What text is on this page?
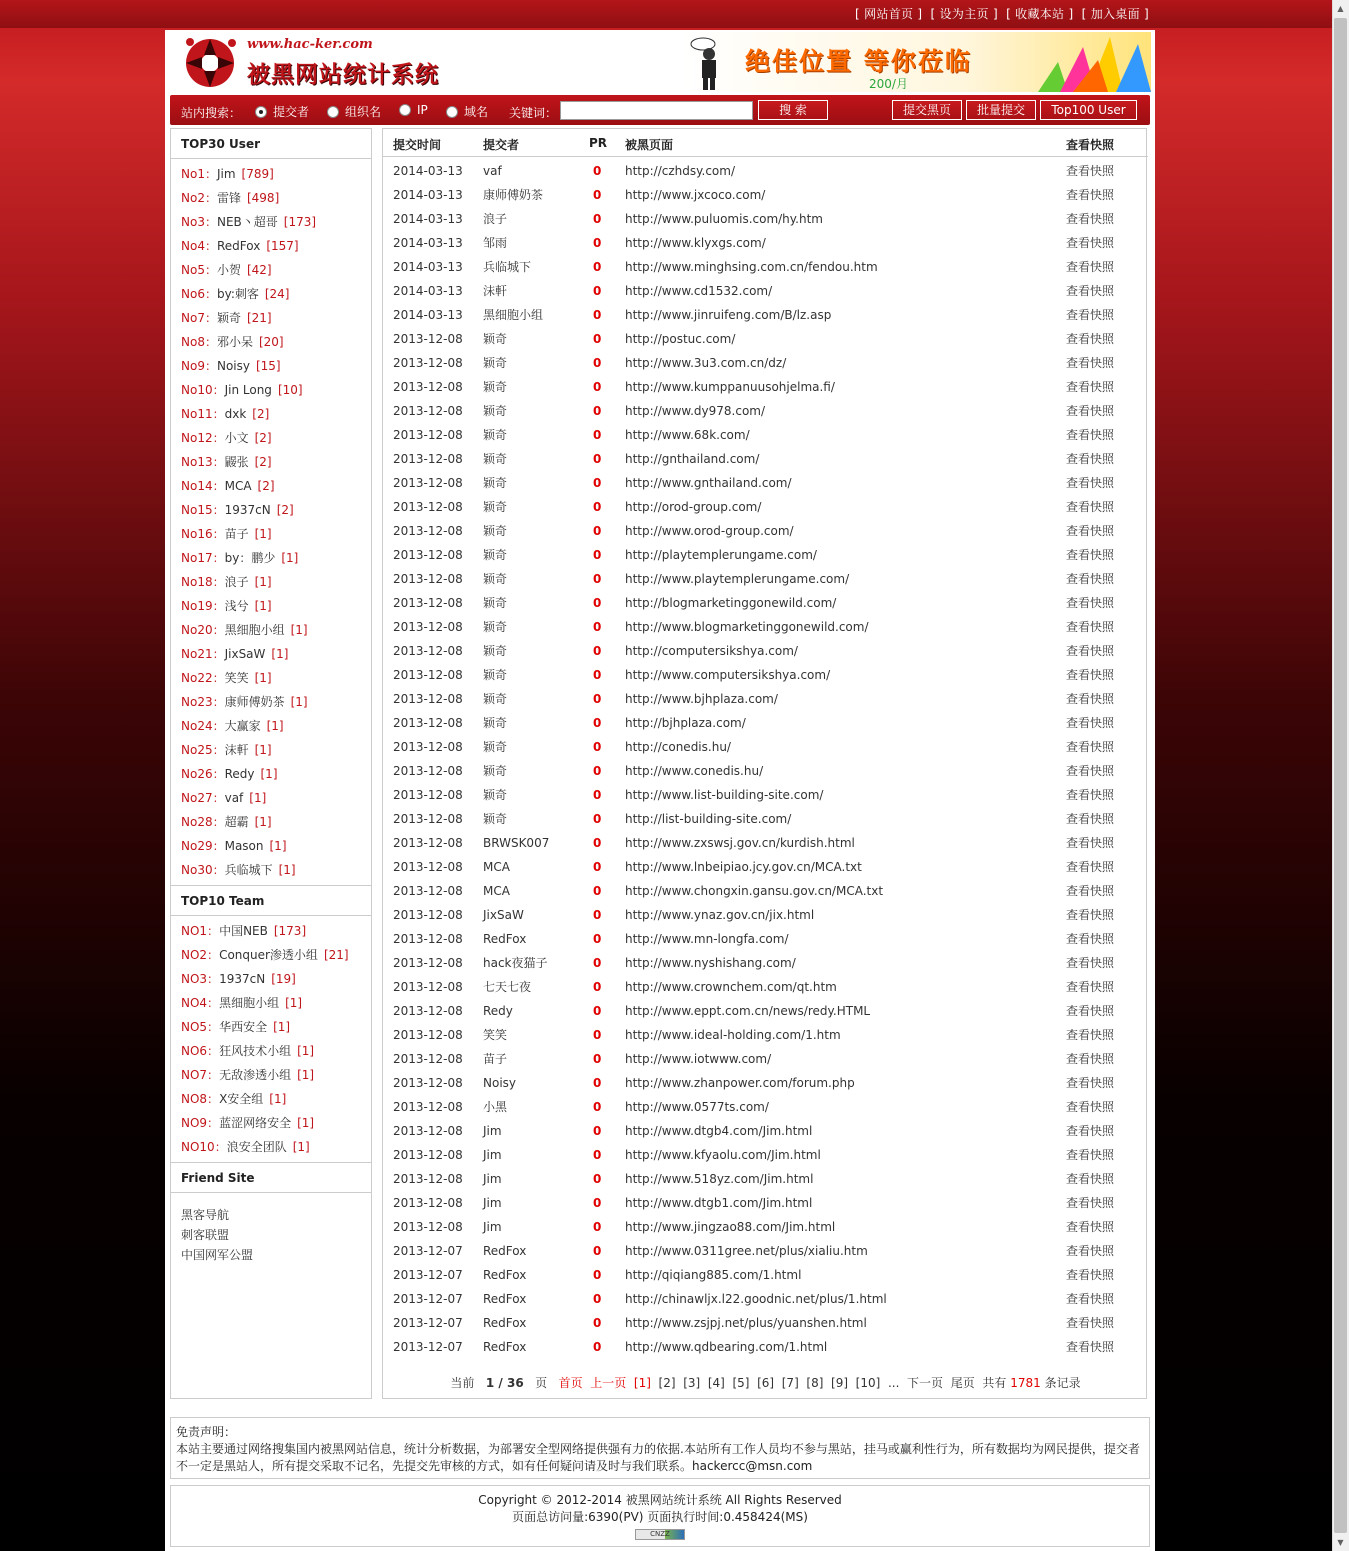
[ 网站首页 ] [ 设为主页 ] [ 收藏本站 ] [ 加入桌面 ]	▲
▼
www.hac-ker.com
被黑网站统计系统	绝佳位置 等你莅临
200/月
站内搜索：	提交者	组织名	IP	域名 关键词：	搜 索	提交黑页	批量提交	Top100 User
TOP30 User
No1：Jim [789]
No2：雷锋 [498]
No3：NEB丶超哥 [173]
No4：RedFox [157]
No5：小贺 [42]
No6：by:刺客 [24]
No7：颖奇 [21]
No8：邪小呆 [20]
No9：Noisy [15]
No10：Jin Long [10]
No11：dxk [2]
No12：小文 [2]
No13：鼹张 [2]
No14：MCA [2]
No15：1937cN [2]
No16：苗子 [1]
No17：by：鹏少 [1]
No18：浪子 [1]
No19：浅兮 [1]
No20：黑细胞小组 [1]
No21：JixSaW [1]
No22：笑笑 [1]
No23：康师傅奶茶 [1]
No24：大赢家 [1]
No25：沫軒 [1]
No26：Redy [1]
No27：vaf [1]
No28：超霸 [1]
No29：Mason [1]
No30：兵临城下 [1]
TOP10 Team
NO1：中国NEB [173]
NO2：Conquer渗透小组 [21]
NO3：1937cN [19]
NO4：黑细胞小组 [1]
NO5：华西安全 [1]
NO6：狂风技术小组 [1]
NO7：无敌渗透小组 [1]
NO8：X安全组 [1]
NO9：蓝涩网络安全 [1]
NO10：浪安全团队 [1]
Friend Site
黑客导航
刺客联盟
中国网军公盟
提交时间	提交者	PR 被黑页面	查看快照
2014-03-13 vaf	0 http://czhdsy.com/	查看快照
2014-03-13 康师傅奶茶	0 http://www.jxcoco.com/	查看快照
2014-03-13 浪子	0 http://www.puluomis.com/hy.htm	查看快照
2014-03-13 邹雨	0 http://www.klyxgs.com/	查看快照
2014-03-13 兵临城下	0 http://www.minghsing.com.cn/fendou.htm	查看快照
2014-03-13 沫軒	0 http://www.cd1532.com/	查看快照
2014-03-13 黑细胞小组	0 http://www.jinruifeng.com/B/lz.asp	查看快照
2013-12-08 颖奇	0 http://postuc.com/	查看快照
2013-12-08 颖奇	0 http://www.3u3.com.cn/dz/	查看快照
2013-12-08 颖奇	0 http://www.kumppanuusohjelma.fi/	查看快照
2013-12-08 颖奇	0 http://www.dy978.com/	查看快照
2013-12-08 颖奇	0 http://www.68k.com/	查看快照
2013-12-08 颖奇	0 http://gnthailand.com/	查看快照
2013-12-08 颖奇	0 http://www.gnthailand.com/	查看快照
2013-12-08 颖奇	0 http://orod-group.com/	查看快照
2013-12-08 颖奇	0 http://www.orod-group.com/	查看快照
2013-12-08 颖奇	0 http://playtemplerungame.com/	查看快照
2013-12-08 颖奇	0 http://www.playtemplerungame.com/	查看快照
2013-12-08 颖奇	0 http://blogmarketinggonewild.com/	查看快照
2013-12-08 颖奇	0 http://www.blogmarketinggonewild.com/	查看快照
2013-12-08 颖奇	0 http://computersikshya.com/	查看快照
2013-12-08 颖奇	0 http://www.computersikshya.com/	查看快照
2013-12-08 颖奇	0 http://www.bjhplaza.com/	查看快照
2013-12-08 颖奇	0 http://bjhplaza.com/	查看快照
2013-12-08 颖奇	0 http://conedis.hu/	查看快照
2013-12-08 颖奇	0 http://www.conedis.hu/	查看快照
2013-12-08 颖奇	0 http://www.list-building-site.com/	查看快照
2013-12-08 颖奇	0 http://list-building-site.com/	查看快照
2013-12-08 BRWSK007	0 http://www.zxswsj.gov.cn/kurdish.html	查看快照
2013-12-08 MCA	0 http://www.lnbeipiao.jcy.gov.cn/MCA.txt	查看快照
2013-12-08 MCA	0 http://www.chongxin.gansu.gov.cn/MCA.txt	查看快照
2013-12-08 JixSaW	0 http://www.ynaz.gov.cn/jix.html	查看快照
2013-12-08 RedFox	0 http://www.mn-longfa.com/	查看快照
2013-12-08 hack夜猫子	0 http://www.nyshishang.com/	查看快照
2013-12-08 七天七夜	0 http://www.crownchem.com/qt.htm	查看快照
2013-12-08 Redy	0 http://www.eppt.com.cn/news/redy.HTML	查看快照
2013-12-08 笑笑	0 http://www.ideal-holding.com/1.htm	查看快照
2013-12-08 苗子	0 http://www.iotwww.com/	查看快照
2013-12-08 Noisy	0 http://www.zhanpower.com/forum.php	查看快照
2013-12-08 小黑	0 http://www.0577ts.com/	查看快照
2013-12-08 Jim	0 http://www.dtgb4.com/Jim.html	查看快照
2013-12-08 Jim	0 http://www.kfyaolu.com/Jim.html	查看快照
2013-12-08 Jim	0 http://www.518yz.com/Jim.html	查看快照
2013-12-08 Jim	0 http://www.dtgb1.com/Jim.html	查看快照
2013-12-08 Jim	0 http://www.jingzao88.com/Jim.html	查看快照
2013-12-07 RedFox	0 http://www.0311gree.net/plus/xialiu.htm	查看快照
2013-12-07 RedFox	0 http://qiqiang885.com/1.html	查看快照
2013-12-07 RedFox	0 http://chinawljx.l22.goodnic.net/plus/1.html	查看快照
2013-12-07 RedFox	0 http://www.zsjpj.net/plus/yuanshen.html	查看快照
2013-12-07 RedFox	0 http://www.qdbearing.com/1.html	查看快照
当前 1 / 36 页 首页 上一页 [1] [2] [3] [4] [5] [6] [7] [8] [9] [10] ... 下一页 尾页 共有 1781 条记录
免责声明：
本站主要通过网络搜集国内被黑网站信息，统计分析数据，为部署安全型网络提供强有力的依据.本站所有工作人员均不参与黑站，挂马或赢利性行为，所有数据均为网民提供，提交者不一定是黑站人，所有提交采取不记名，先提交先审核的方式，如有任何疑问请及时与我们联系。hackercc@msn.com
Copyright © 2012-2014 被黑网站统计系统 All Rights Reserved
页面总访问量:6390(PV) 页面执行时间:0.458424(MS)
CNZZ
